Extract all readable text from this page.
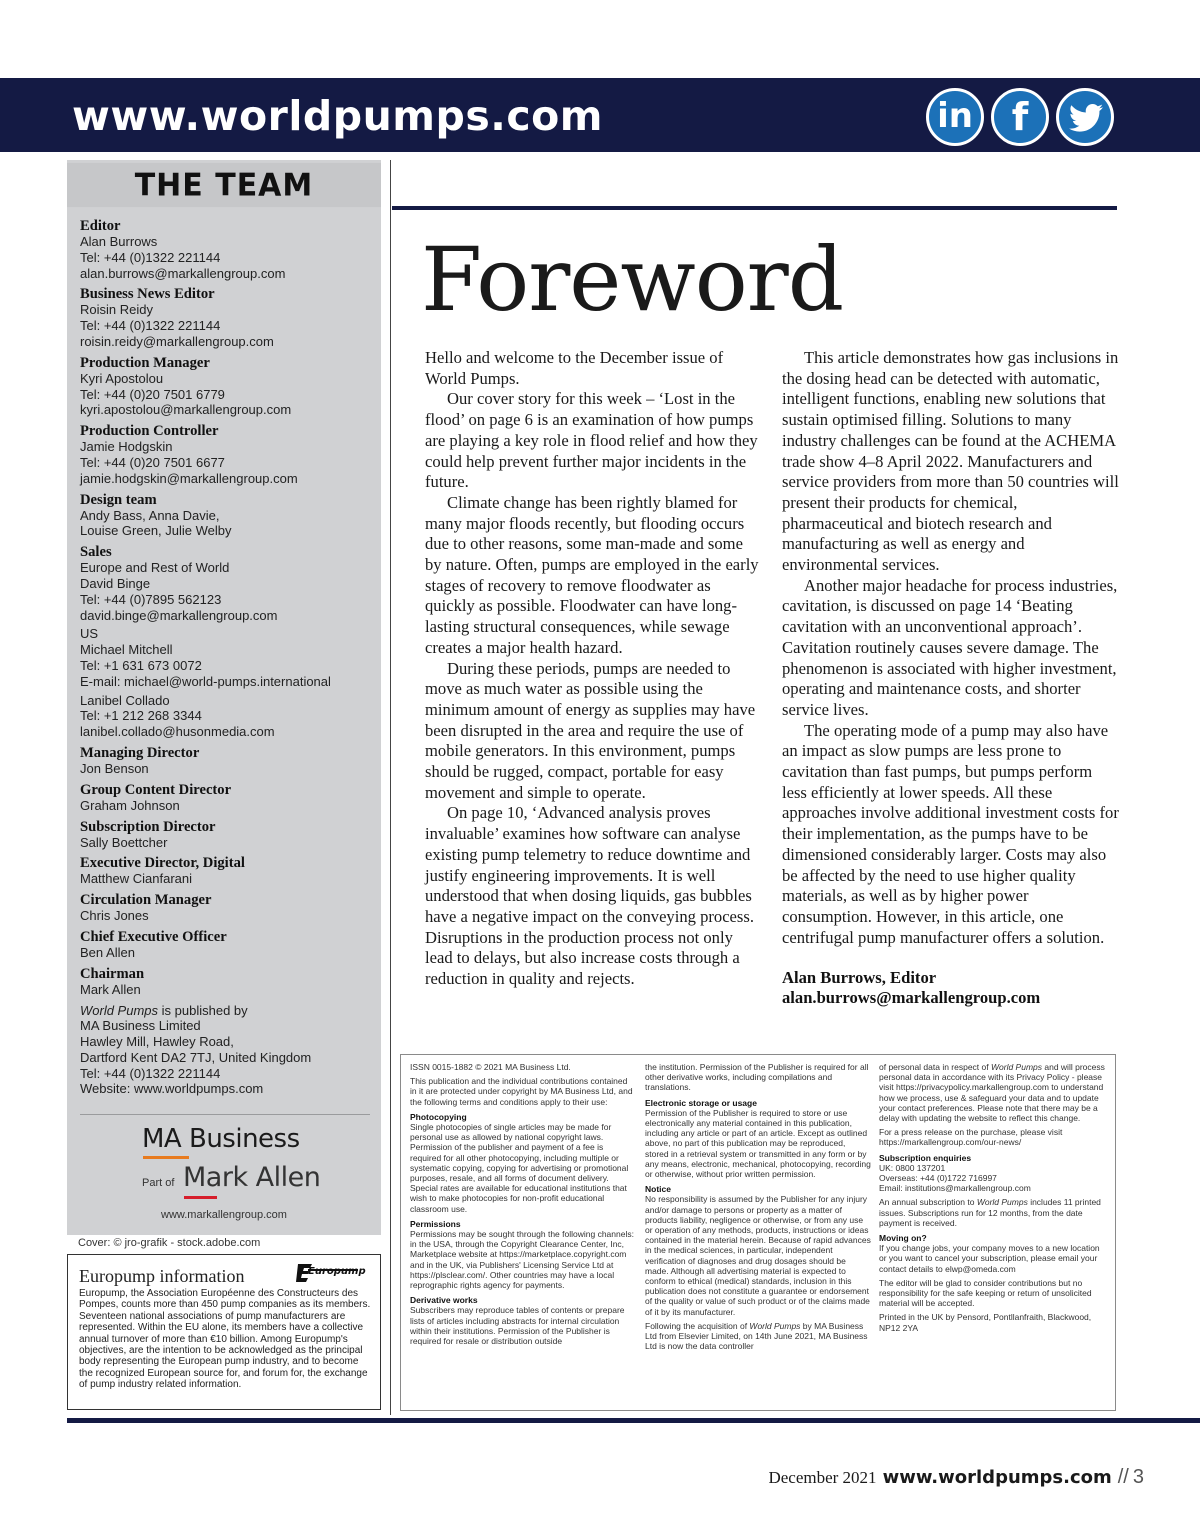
www.worldpumps.com	in	f
THE TEAM
Editor
Alan Burrows
Tel: +44 (0)1322 221144
alan.burrows@markallengroup.com
Business News Editor
Roisin Reidy
Tel: +44 (0)1322 221144
roisin.reidy@markallengroup.com
Production Manager
Kyri Apostolou
Tel: +44 (0)20 7501 6779
kyri.apostolou@markallengroup.com
Production Controller
Jamie Hodgskin
Tel: +44 (0)20 7501 6677
jamie.hodgskin@markallengroup.com
Design team
Andy Bass, Anna Davie,
Louise Green, Julie Welby
Sales
Europe and Rest of World
David Binge
Tel: +44 (0)7895 562123
david.binge@markallengroup.com
US
Michael Mitchell
Tel: +1 631 673 0072
E-mail: michael@world-pumps.international
Lanibel Collado
Tel: +1 212 268 3344
lanibel.collado@husonmedia.com
Managing Director
Jon Benson
Group Content Director
Graham Johnson
Subscription Director
Sally Boettcher
Executive Director, Digital
Matthew Cianfarani
Circulation Manager
Chris Jones
Chief Executive Officer
Ben Allen
Chairman
Mark Allen
World Pumps is published by
MA Business Limited
Hawley Mill, Hawley Road,
Dartford Kent DA2 7TJ, United Kingdom
Tel: +44 (0)1322 221144
Website: www.worldpumps.com
MA Business
Part of Mark Allen
www.markallengroup.com
Cover: © jro-grafik - stock.adobe.com
Europump information	Europump
Europump, the Association Européenne des Constructeurs des Pompes, counts more than 450 pump companies as its members. Seventeen national associations of pump manufacturers are represented. Within the EU alone, its members have a collective annual turnover of more than €10 billion. Among Europump's objectives, are the intention to be acknowledged as the principal body representing the European pump industry, and to become the recognized European source for, and forum for, the exchange of pump industry related information.
Foreword

Hello and welcome to the December issue of World Pumps.

Our cover story for this week – ‘Lost in the flood’ on page 6 is an examination of how pumps are playing a key role in flood relief and how they could help prevent further major incidents in the future.

Climate change has been rightly blamed for many major floods recently, but flooding occurs due to other reasons, some man-made and some by nature. Often, pumps are employed in the early stages of recovery to remove floodwater as quickly as possible. Floodwater can have long-lasting structural consequences, while sewage creates a major health hazard.

During these periods, pumps are needed to move as much water as possible using the minimum amount of energy as supplies may have been disrupted in the area and require the use of mobile generators. In this environment, pumps should be rugged, compact, portable for easy movement and simple to operate.

On page 10, ‘Advanced analysis proves invaluable’ examines how software can analyse existing pump telemetry to reduce downtime and justify engineering improvements. It is well understood that when dosing liquids, gas bubbles have a negative impact on the conveying process. Disruptions in the production process not only lead to delays, but also increase costs through a reduction in quality and rejects.

This article demonstrates how gas inclusions in the dosing head can be detected with automatic, intelligent functions, enabling new solutions that sustain optimised filling. Solutions to many industry challenges can be found at the ACHEMA trade show 4–8 April 2022. Manufacturers and service providers from more than 50 countries will present their products for chemical, pharmaceutical and biotech research and manufacturing as well as energy and environmental services.

Another major headache for process industries, cavitation, is discussed on page 14 ‘Beating cavitation with an unconventional approach’. Cavitation routinely causes severe damage. The phenomenon is associated with higher investment, operating and maintenance costs, and shorter service lives.

The operating mode of a pump may also have an impact as slow pumps are less prone to cavitation than fast pumps, but pumps perform less efficiently at lower speeds. All these approaches involve additional investment costs for their implementation, as the pumps have to be dimensioned considerably larger. Costs may also be affected by the need to use higher quality materials, as well as by higher power consumption. However, in this article, one centrifugal pump manufacturer offers a solution.

Alan Burrows, Editor
alan.burrows@markallengroup.com
ISSN 0015-1882 © 2021 MA Business Ltd.
This publication and the individual contributions contained in it are protected under copyright by MA Business Ltd, and the following terms and conditions apply to their use:
Photocopying
Single photocopies of single articles may be made for personal use as allowed by national copyright laws. Permission of the publisher and payment of a fee is required for all other photocopying, including multiple or systematic copying, copying for advertising or promotional purposes, resale, and all forms of document delivery. Special rates are available for educational institutions that wish to make photocopies for non-profit educational classroom use.
Permissions
Permissions may be sought through the following channels: in the USA, through the Copyright Clearance Center, Inc, Marketplace website at https://marketplace.copyright.com and in the UK, via Publishers' Licensing Service Ltd at https://plsclear.com/. Other countries may have a local reprographic rights agency for payments.
Derivative works
Subscribers may reproduce tables of contents or prepare lists of articles including abstracts for internal circulation within their institutions. Permission of the Publisher is required for resale or distribution outside
the institution. Permission of the Publisher is required for all other derivative works, including compilations and translations.
Electronic storage or usage
Permission of the Publisher is required to store or use electronically any material contained in this publication, including any article or part of an article. Except as outlined above, no part of this publication may be reproduced, stored in a retrieval system or transmitted in any form or by any means, electronic, mechanical, photocopying, recording or otherwise, without prior written permission.
Notice
No responsibility is assumed by the Publisher for any injury and/or damage to persons or property as a matter of products liability, negligence or otherwise, or from any use or operation of any methods, products, instructions or ideas contained in the material herein. Because of rapid advances in the medical sciences, in particular, independent verification of diagnoses and drug dosages should be made. Although all advertising material is expected to conform to ethical (medical) standards, inclusion in this publication does not constitute a guarantee or endorsement of the quality or value of such product or of the claims made of it by its manufacturer.
Following the acquisition of World Pumps by MA Business Ltd from Elsevier Limited, on 14th June 2021, MA Business Ltd is now the data controller
of personal data in respect of World Pumps and will process personal data in accordance with its Privacy Policy - please visit https://privacypolicy.markallengroup.com to understand how we process, use & safeguard your data and to update your contact preferences. Please note that there may be a delay with updating the website to reflect this change.
For a press release on the purchase, please visit https://markallengroup.com/our-news/
Subscription enquiries
UK: 0800 137201
Overseas: +44 (0)1722 716997
Email: institutions@markallengroup.com
An annual subscription to World Pumps includes 11 printed issues. Subscriptions run for 12 months, from the date payment is received.
Moving on?
If you change jobs, your company moves to a new location or you want to cancel your subscription, please email your contact details to elwp@omeda.com
The editor will be glad to consider contributions but no responsibility for the safe keeping or return of unsolicited material will be accepted.
Printed in the UK by Pensord, Pontllanfraith, Blackwood, NP12 2YA
December 2021 www.worldpumps.com // 3
